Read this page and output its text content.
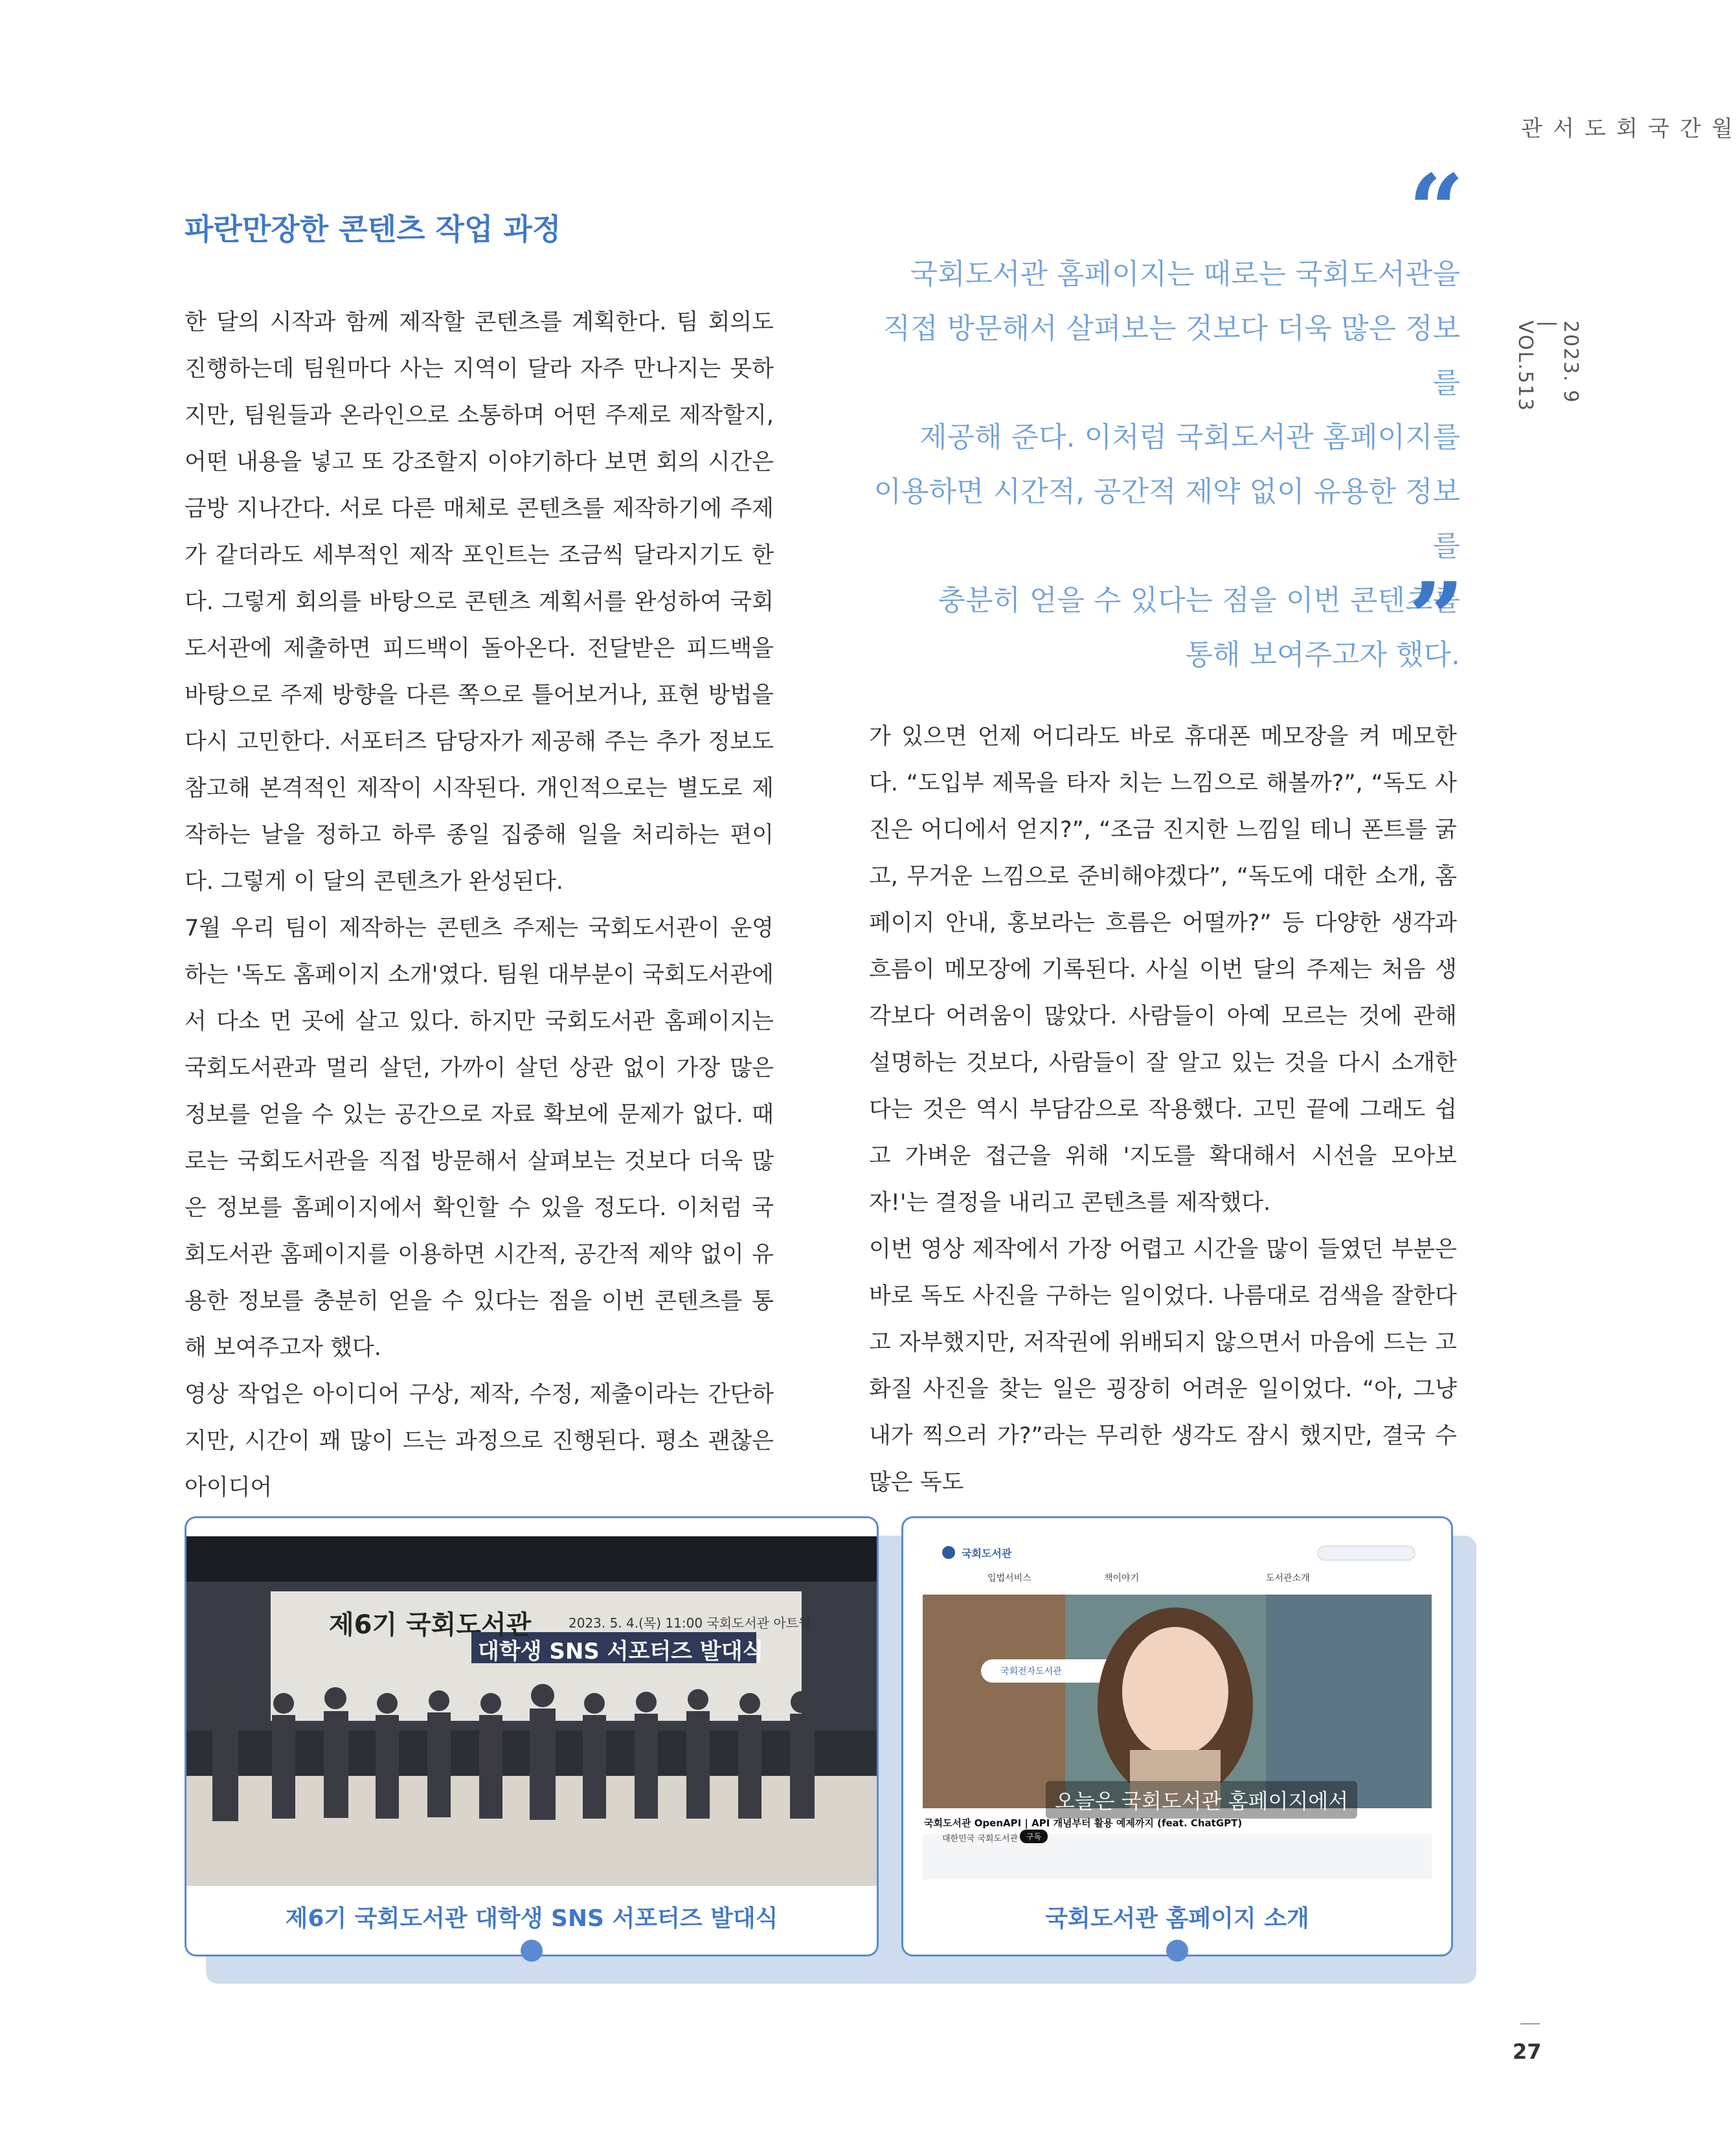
월간 국회도서관
2023. 9 | VOL.513
파란만장한 콘텐츠 작업 과정	“
국회도서관 홈페이지는 때로는 국회도서관을
직접 방문해서 살펴보는 것보다 더욱 많은 정보를
제공해 준다. 이처럼 국회도서관 홈페이지를
이용하면 시간적, 공간적 제약 없이 유용한 정보를
충분히 얻을 수 있다는 점을 이번 콘텐츠를
통해 보여주고자 했다.
”

한 달의 시작과 함께 제작할 콘텐츠를 계획한다. 팀 회의도 진행하는데 팀원마다 사는 지역이 달라 자주 만나지는 못하지만, 팀원들과 온라인으로 소통하며 어떤 주제로 제작할지, 어떤 내용을 넣고 또 강조할지 이야기하다 보면 회의 시간은 금방 지나간다. 서로 다른 매체로 콘텐츠를 제작하기에 주제가 같더라도 세부적인 제작 포인트는 조금씩 달라지기도 한다. 그렇게 회의를 바탕으로 콘텐츠 계획서를 완성하여 국회도서관에 제출하면 피드백이 돌아온다. 전달받은 피드백을 바탕으로 주제 방향을 다른 쪽으로 틀어보거나, 표현 방법을 다시 고민한다. 서포터즈 담당자가 제공해 주는 추가 정보도 참고해 본격적인 제작이 시작된다. 개인적으로는 별도로 제작하는 날을 정하고 하루 종일 집중해 일을 처리하는 편이다. 그렇게 이 달의 콘텐츠가 완성된다.

7월 우리 팀이 제작하는 콘텐츠 주제는 국회도서관이 운영하는 '독도 홈페이지 소개'였다. 팀원 대부분이 국회도서관에서 다소 먼 곳에 살고 있다. 하지만 국회도서관 홈페이지는 국회도서관과 멀리 살던, 가까이 살던 상관 없이 가장 많은 정보를 얻을 수 있는 공간으로 자료 확보에 문제가 없다. 때로는 국회도서관을 직접 방문해서 살펴보는 것보다 더욱 많은 정보를 홈페이지에서 확인할 수 있을 정도다. 이처럼 국회도서관 홈페이지를 이용하면 시간적, 공간적 제약 없이 유용한 정보를 충분히 얻을 수 있다는 점을 이번 콘텐츠를 통해 보여주고자 했다.

영상 작업은 아이디어 구상, 제작, 수정, 제출이라는 간단하지만, 시간이 꽤 많이 드는 과정으로 진행된다. 평소 괜찮은 아이디어

가 있으면 언제 어디라도 바로 휴대폰 메모장을 켜 메모한다. “도입부 제목을 타자 치는 느낌으로 해볼까?”, “독도 사진은 어디에서 얻지?”, “조금 진지한 느낌일 테니 폰트를 굵고, 무거운 느낌으로 준비해야겠다”, “독도에 대한 소개, 홈페이지 안내, 홍보라는 흐름은 어떨까?” 등 다양한 생각과 흐름이 메모장에 기록된다. 사실 이번 달의 주제는 처음 생각보다 어려움이 많았다. 사람들이 아예 모르는 것에 관해 설명하는 것보다, 사람들이 잘 알고 있는 것을 다시 소개한다는 것은 역시 부담감으로 작용했다. 고민 끝에 그래도 쉽고 가벼운 접근을 위해 '지도를 확대해서 시선을 모아보자!'는 결정을 내리고 콘텐츠를 제작했다.

이번 영상 제작에서 가장 어렵고 시간을 많이 들였던 부분은 바로 독도 사진을 구하는 일이었다. 나름대로 검색을 잘한다고 자부했지만, 저작권에 위배되지 않으면서 마음에 드는 고화질 사진을 찾는 일은 굉장히 어려운 일이었다. “아, 그냥 내가 찍으러 가?”라는 무리한 생각도 잠시 했지만, 결국 수많은 독도

제6기 국회도서관	2023. 5. 4.(목) 11:00 국회도서관 아트월
대학생 SNS 서포터즈 발대식
제6기 국회도서관 대학생 SNS 서포터즈 발대식
국회도서관
입법서비스	책이야기	도서관소개
국회전자도서관
오늘은 국회도서관 홈페이지에서
국회도서관 OpenAPI | API 개념부터 활용 예제까지 (feat. ChatGPT)
대한민국 국회도서관	구독
국회도서관 홈페이지 소개
27
